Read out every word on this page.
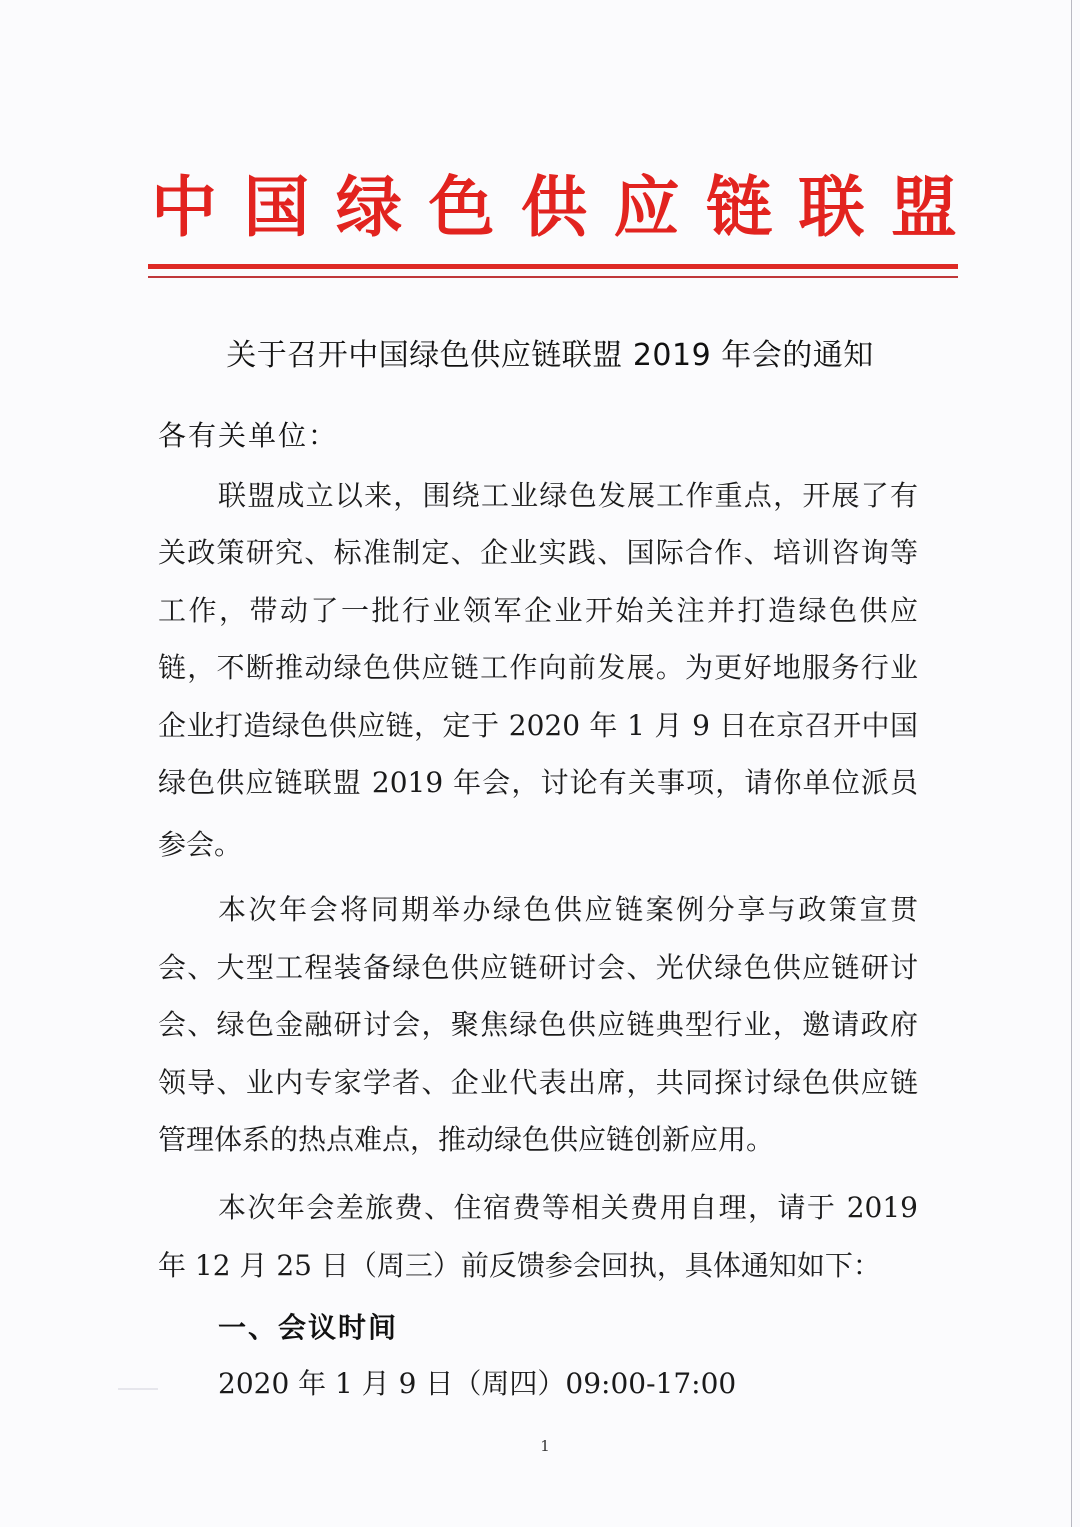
中 国 绿 色 供 应 链 联 盟
关于召开中国绿色供应链联盟 2019 年会的通知
各有关单位：
联盟成立以来，围绕工业绿色发展工作重点，开展了有
关政策研究、标准制定、企业实践、国际合作、培训咨询等
工作，带动了一批行业领军企业开始关注并打造绿色供应
链，不断推动绿色供应链工作向前发展。为更好地服务行业
企业打造绿色供应链，定于 2020 年 1 月 9 日在京召开中国
绿色供应链联盟 2019 年会，讨论有关事项，请你单位派员
参会。
本次年会将同期举办绿色供应链案例分享与政策宣贯
会、大型工程装备绿色供应链研讨会、光伏绿色供应链研讨
会、绿色金融研讨会，聚焦绿色供应链典型行业，邀请政府
领导、业内专家学者、企业代表出席，共同探讨绿色供应链
管理体系的热点难点，推动绿色供应链创新应用。
本次年会差旅费、住宿费等相关费用自理，请于 2019
年 12 月 25 日（周三）前反馈参会回执，具体通知如下：
一、会议时间
2020 年 1 月 9 日（周四）09:00-17:00
1
